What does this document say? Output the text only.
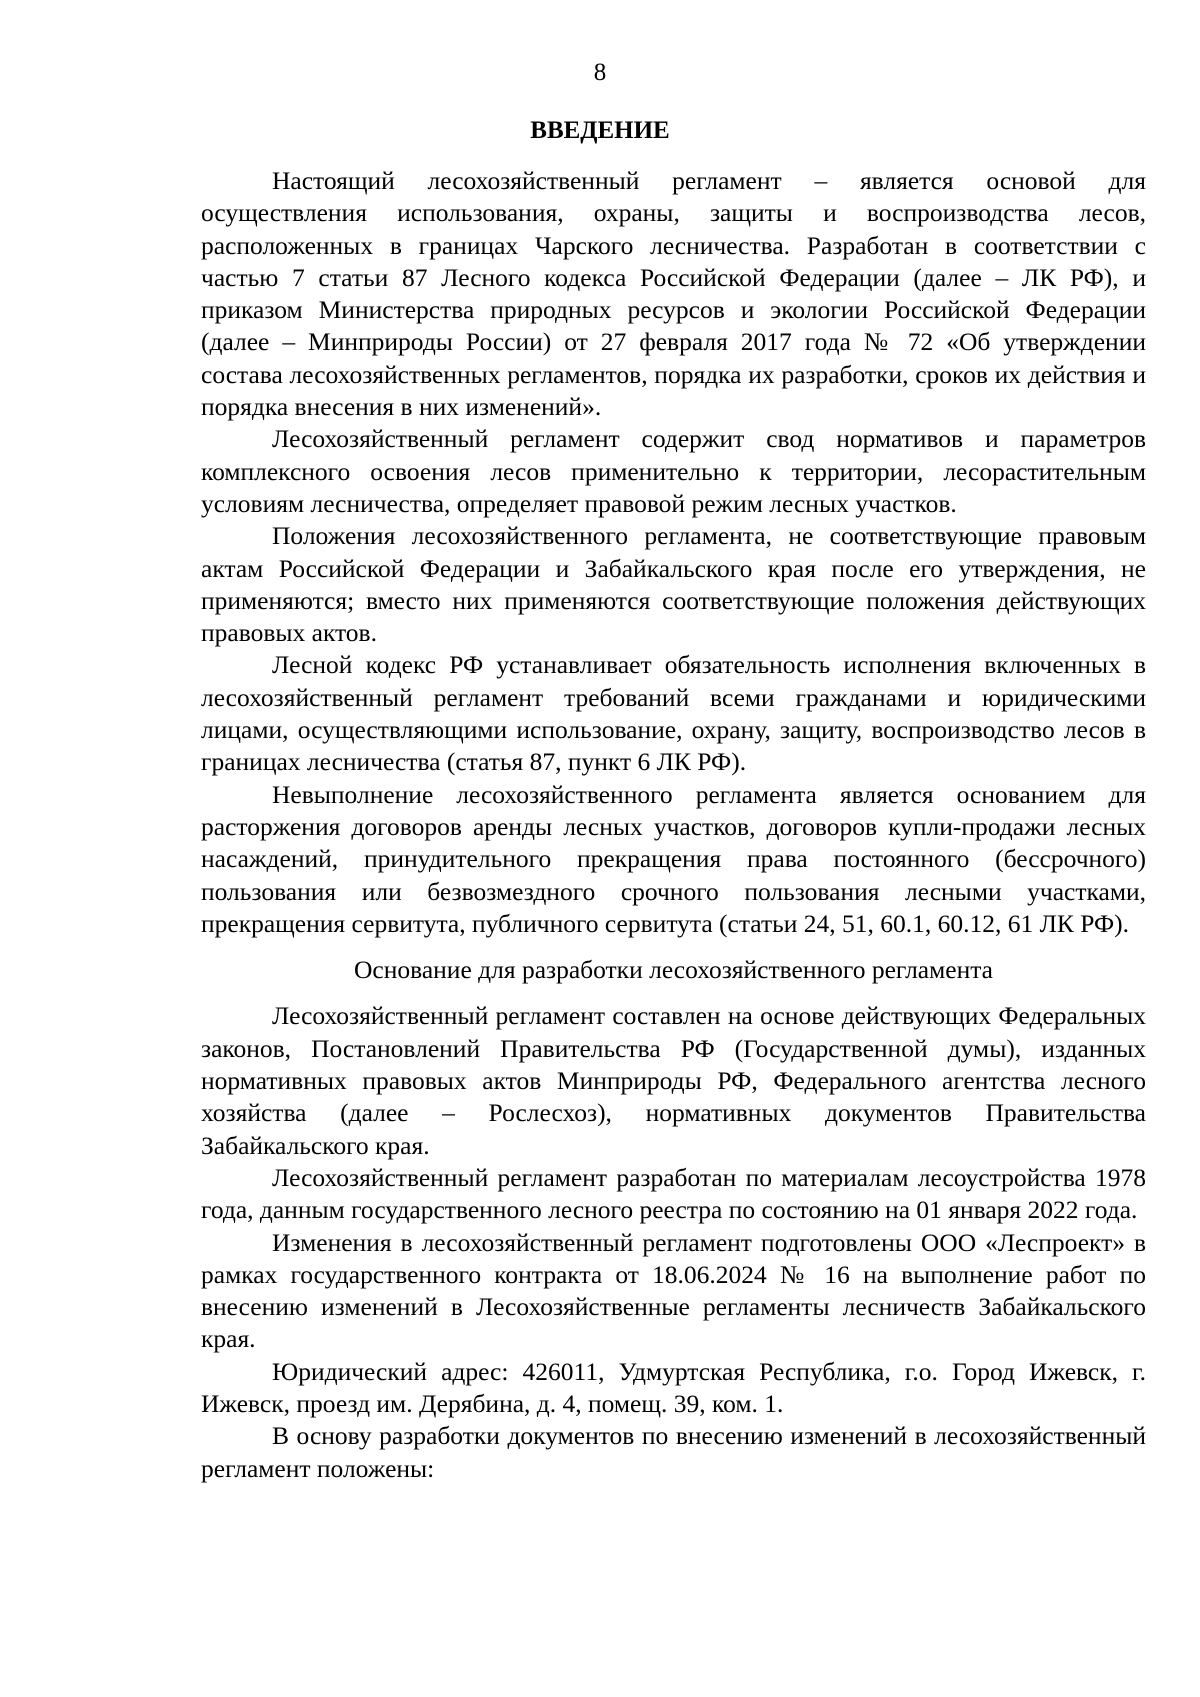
8
ВВЕДЕНИЕ

Настоящий лесохозяйственный регламент – является основой для осуществления использования, охраны, защиты и воспроизводства лесов, расположенных в границах Чарского лесничества. Разработан в соответствии с частью 7 статьи 87 Лесного кодекса Российской Федерации (далее – ЛК РФ), и приказом Министерства природных ресурсов и экологии Российской Федерации (далее – Минприроды России) от 27 февраля 2017 года № 72 «Об утверждении состава лесохозяйственных регламентов, порядка их разработки, сроков их действия и порядка внесения в них изменений».

Лесохозяйственный регламент содержит свод нормативов и параметров комплексного освоения лесов применительно к территории, лесорастительным условиям лесничества, определяет правовой режим лесных участков.

Положения лесохозяйственного регламента, не соответствующие правовым актам Российской Федерации и Забайкальского края после его утверждения, не применяются; вместо них применяются соответствующие положения действующих правовых актов.

Лесной кодекс РФ устанавливает обязательность исполнения включенных в лесохозяйственный регламент требований всеми гражданами и юридическими лицами, осуществляющими использование, охрану, защиту, воспроизводство лесов в границах лесничества (статья 87, пункт 6 ЛК РФ).

Невыполнение лесохозяйственного регламента является основанием для расторжения договоров аренды лесных участков, договоров купли-продажи лесных насаждений, принудительного прекращения права постоянного (бессрочного) пользования или безвозмездного срочного пользования лесными участками, прекращения сервитута, публичного сервитута (статьи 24, 51, 60.1, 60.12, 61 ЛК РФ).

Основание для разработки лесохозяйственного регламента

Лесохозяйственный регламент составлен на основе действующих Федеральных законов, Постановлений Правительства РФ (Государственной думы), изданных нормативных правовых актов Минприроды РФ, Федерального агентства лесного хозяйства (далее – Рослесхоз), нормативных документов Правительства Забайкальского края.

Лесохозяйственный регламент разработан по материалам лесоустройства 1978 года, данным государственного лесного реестра по состоянию на 01 января 2022 года.

Изменения в лесохозяйственный регламент подготовлены ООО «Леспроект» в рамках государственного контракта от 18.06.2024 № 16 на выполнение работ по внесению изменений в Лесохозяйственные регламенты лесничеств Забайкальского края.

Юридический адрес: 426011, Удмуртская Республика, г.о. Город Ижевск, г. Ижевск, проезд им. Дерябина, д. 4, помещ. 39, ком. 1.

В основу разработки документов по внесению изменений в лесохозяйственный регламент положены:
